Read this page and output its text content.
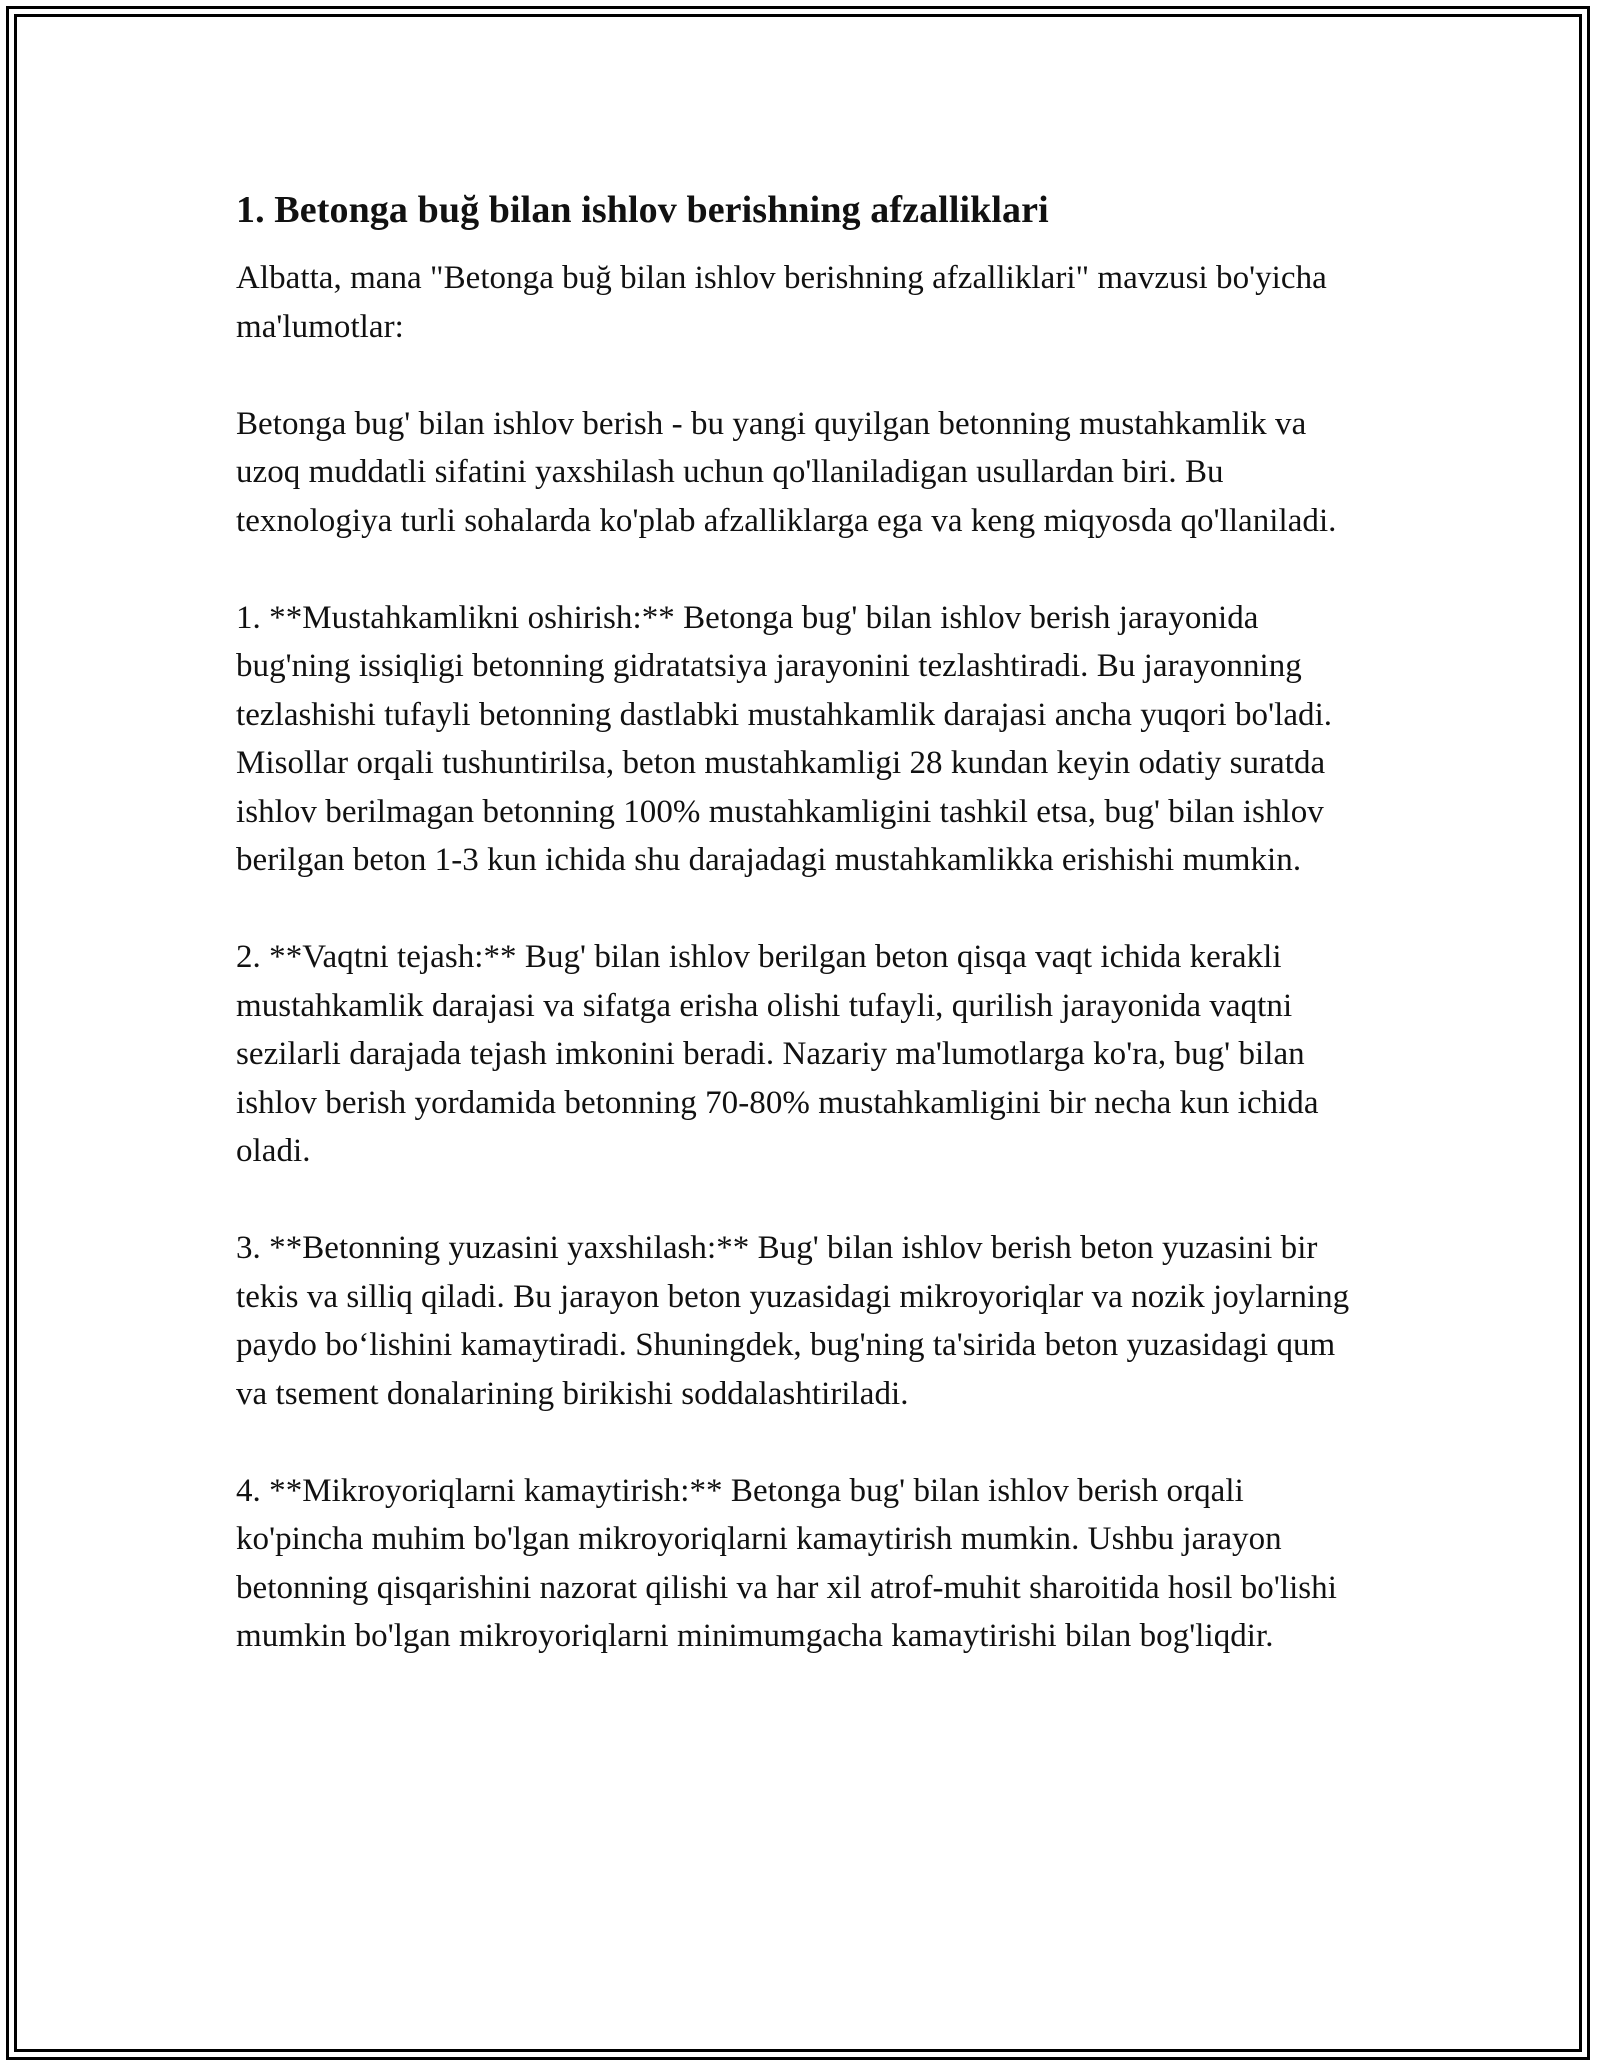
1. Betonga buğ bilan ishlov berishning afzalliklari

Albatta, mana "Betonga buğ bilan ishlov berishning afzalliklari" mavzusi bo'yicha ma'lumotlar:

Betonga bug' bilan ishlov berish - bu yangi quyilgan betonning mustahkamlik va uzoq muddatli sifatini yaxshilash uchun qo'llaniladigan usullardan biri. Bu texnologiya turli sohalarda ko'plab afzalliklarga ega va keng miqyosda qo'llaniladi.

1. **Mustahkamlikni oshirish:** Betonga bug' bilan ishlov berish jarayonida bug'ning issiqligi betonning gidratatsiya jarayonini tezlashtiradi. Bu jarayonning tezlashishi tufayli betonning dastlabki mustahkamlik darajasi ancha yuqori bo'ladi. Misollar orqali tushuntirilsa, beton mustahkamligi 28 kundan keyin odatiy suratda ishlov berilmagan betonning 100% mustahkamligini tashkil etsa, bug' bilan ishlov berilgan beton 1-3 kun ichida shu darajadagi mustahkamlikka erishishi mumkin.

2. **Vaqtni tejash:** Bug' bilan ishlov berilgan beton qisqa vaqt ichida kerakli mustahkamlik darajasi va sifatga erisha olishi tufayli, qurilish jarayonida vaqtni sezilarli darajada tejash imkonini beradi. Nazariy ma'lumotlarga ko'ra, bug' bilan ishlov berish yordamida betonning 70-80% mustahkamligini bir necha kun ichida oladi.

3. **Betonning yuzasini yaxshilash:** Bug' bilan ishlov berish beton yuzasini bir tekis va silliq qiladi. Bu jarayon beton yuzasidagi mikroyoriqlar va nozik joylarning paydo boʻlishini kamaytiradi. Shuningdek, bug'ning ta'sirida beton yuzasidagi qum va tsement donalarining birikishi soddalashtiriladi.

4. **Mikroyoriqlarni kamaytirish:** Betonga bug' bilan ishlov berish orqali ko'pincha muhim bo'lgan mikroyoriqlarni kamaytirish mumkin. Ushbu jarayon betonning qisqarishini nazorat qilishi va har xil atrof-muhit sharoitida hosil bo'lishi mumkin bo'lgan mikroyoriqlarni minimumgacha kamaytirishi bilan bog'liqdir.
